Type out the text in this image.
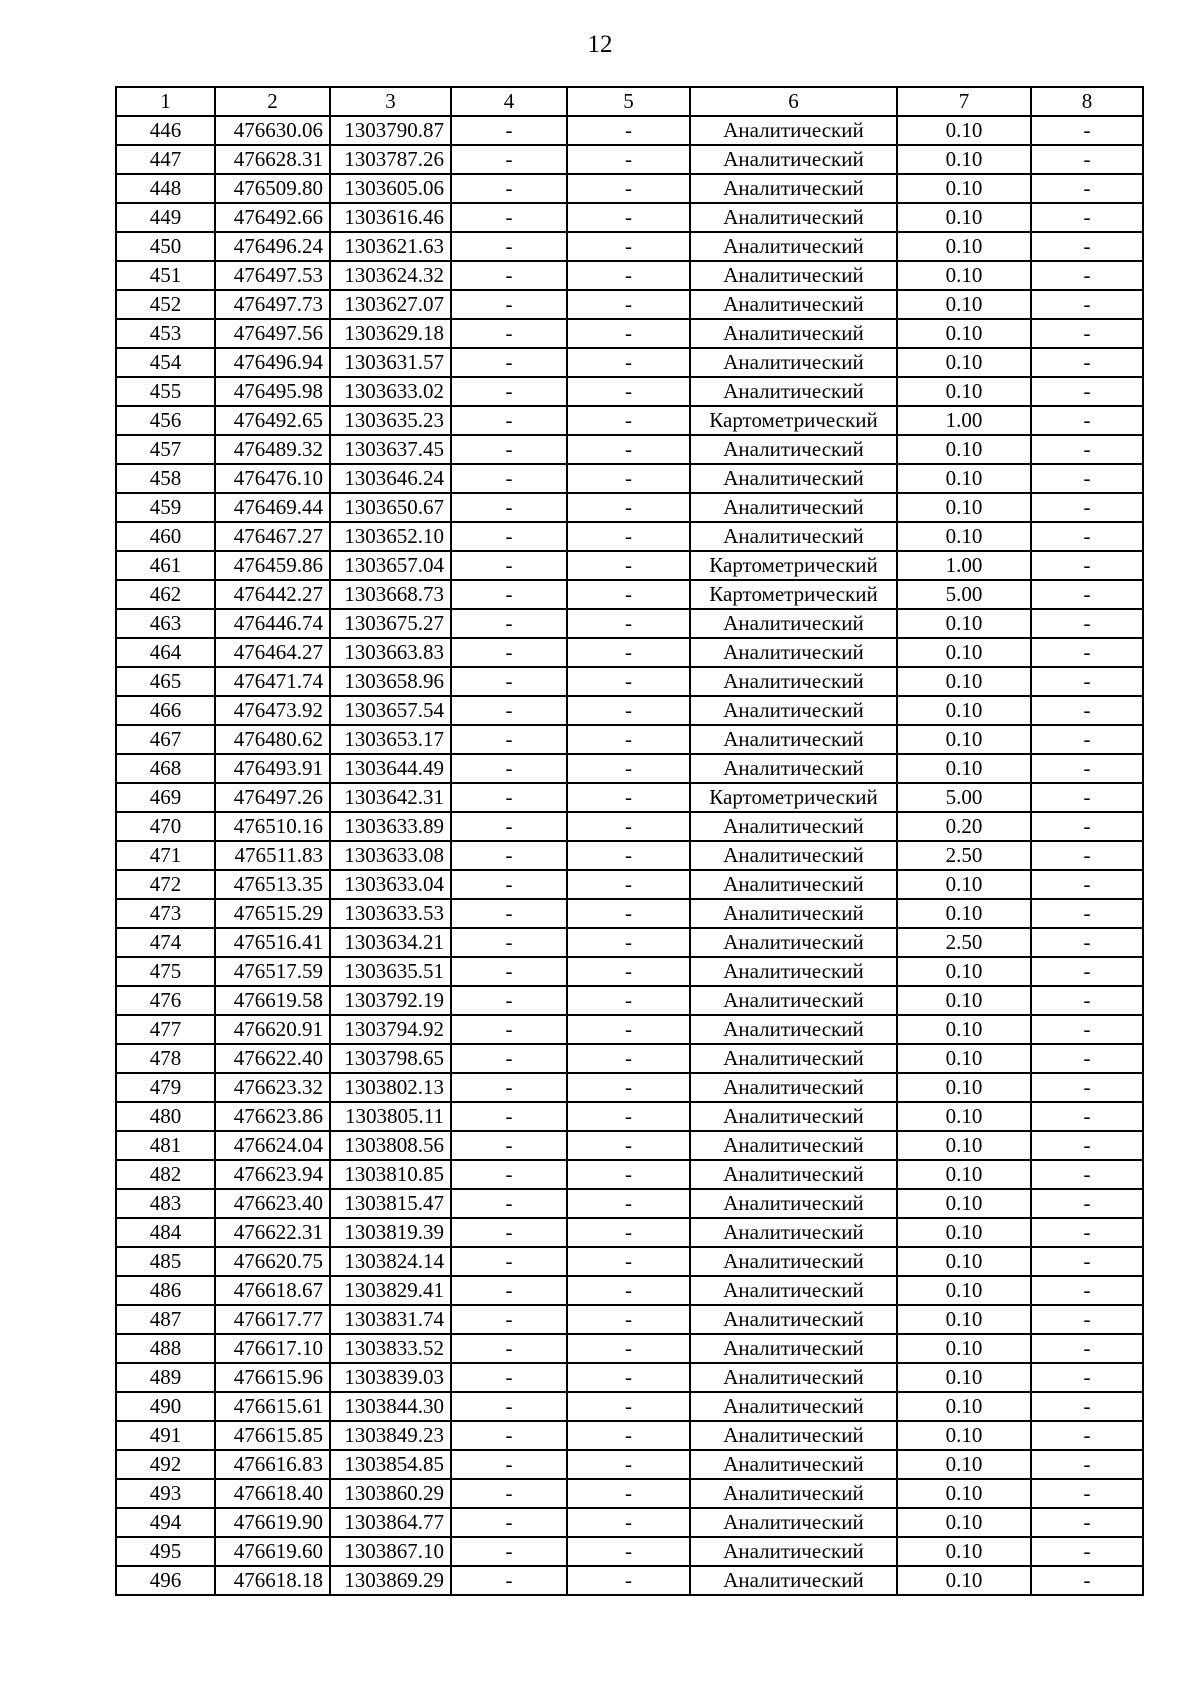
12
1	2	3	4	5	6	7	8
446	476630.06	1303790.87	-	-	Аналитический	0.10	-
447	476628.31	1303787.26	-	-	Аналитический	0.10	-
448	476509.80	1303605.06	-	-	Аналитический	0.10	-
449	476492.66	1303616.46	-	-	Аналитический	0.10	-
450	476496.24	1303621.63	-	-	Аналитический	0.10	-
451	476497.53	1303624.32	-	-	Аналитический	0.10	-
452	476497.73	1303627.07	-	-	Аналитический	0.10	-
453	476497.56	1303629.18	-	-	Аналитический	0.10	-
454	476496.94	1303631.57	-	-	Аналитический	0.10	-
455	476495.98	1303633.02	-	-	Аналитический	0.10	-
456	476492.65	1303635.23	-	-	Картометрический	1.00	-
457	476489.32	1303637.45	-	-	Аналитический	0.10	-
458	476476.10	1303646.24	-	-	Аналитический	0.10	-
459	476469.44	1303650.67	-	-	Аналитический	0.10	-
460	476467.27	1303652.10	-	-	Аналитический	0.10	-
461	476459.86	1303657.04	-	-	Картометрический	1.00	-
462	476442.27	1303668.73	-	-	Картометрический	5.00	-
463	476446.74	1303675.27	-	-	Аналитический	0.10	-
464	476464.27	1303663.83	-	-	Аналитический	0.10	-
465	476471.74	1303658.96	-	-	Аналитический	0.10	-
466	476473.92	1303657.54	-	-	Аналитический	0.10	-
467	476480.62	1303653.17	-	-	Аналитический	0.10	-
468	476493.91	1303644.49	-	-	Аналитический	0.10	-
469	476497.26	1303642.31	-	-	Картометрический	5.00	-
470	476510.16	1303633.89	-	-	Аналитический	0.20	-
471	476511.83	1303633.08	-	-	Аналитический	2.50	-
472	476513.35	1303633.04	-	-	Аналитический	0.10	-
473	476515.29	1303633.53	-	-	Аналитический	0.10	-
474	476516.41	1303634.21	-	-	Аналитический	2.50	-
475	476517.59	1303635.51	-	-	Аналитический	0.10	-
476	476619.58	1303792.19	-	-	Аналитический	0.10	-
477	476620.91	1303794.92	-	-	Аналитический	0.10	-
478	476622.40	1303798.65	-	-	Аналитический	0.10	-
479	476623.32	1303802.13	-	-	Аналитический	0.10	-
480	476623.86	1303805.11	-	-	Аналитический	0.10	-
481	476624.04	1303808.56	-	-	Аналитический	0.10	-
482	476623.94	1303810.85	-	-	Аналитический	0.10	-
483	476623.40	1303815.47	-	-	Аналитический	0.10	-
484	476622.31	1303819.39	-	-	Аналитический	0.10	-
485	476620.75	1303824.14	-	-	Аналитический	0.10	-
486	476618.67	1303829.41	-	-	Аналитический	0.10	-
487	476617.77	1303831.74	-	-	Аналитический	0.10	-
488	476617.10	1303833.52	-	-	Аналитический	0.10	-
489	476615.96	1303839.03	-	-	Аналитический	0.10	-
490	476615.61	1303844.30	-	-	Аналитический	0.10	-
491	476615.85	1303849.23	-	-	Аналитический	0.10	-
492	476616.83	1303854.85	-	-	Аналитический	0.10	-
493	476618.40	1303860.29	-	-	Аналитический	0.10	-
494	476619.90	1303864.77	-	-	Аналитический	0.10	-
495	476619.60	1303867.10	-	-	Аналитический	0.10	-
496	476618.18	1303869.29	-	-	Аналитический	0.10	-
